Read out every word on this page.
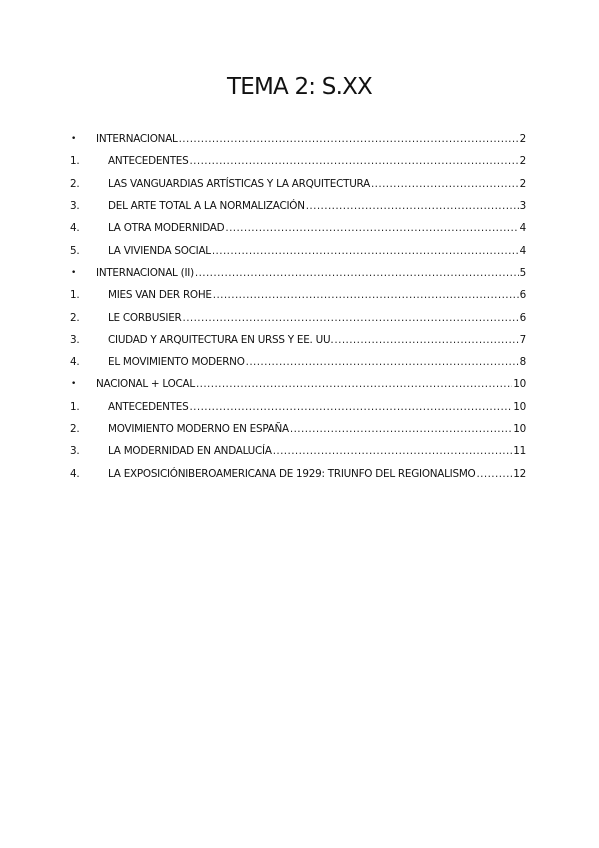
TEMA 2: S.XX
•	INTERNACIONAL .....	2
1.	ANTECEDENTES .....	2
2.	LAS VANGUARDIAS ARTÍSTICAS Y LA ARQUITECTURA .....	2
3.	DEL ARTE TOTAL A LA NORMALIZACIÓN .....	3
4.	LA OTRA MODERNIDAD .....	4
5.	LA VIVIENDA SOCIAL .....	4
•	INTERNACIONAL (II) .....	5
1.	MIES VAN DER ROHE .....	6
2.	LE CORBUSIER .....	6
3.	CIUDAD Y ARQUITECTURA EN URSS Y EE. UU. .....	7
4.	EL MOVIMIENTO MODERNO .....	8
•	NACIONAL + LOCAL .....	10
1.	ANTECEDENTES .....	10
2.	MOVIMIENTO MODERNO EN ESPAÑA .....	10
3.	LA MODERNIDAD EN ANDALUCÍA .....	11
4.	LA EXPOSICIÓNIBEROAMERICANA DE 1929: TRIUNFO DEL REGIONALISMO .....	12
